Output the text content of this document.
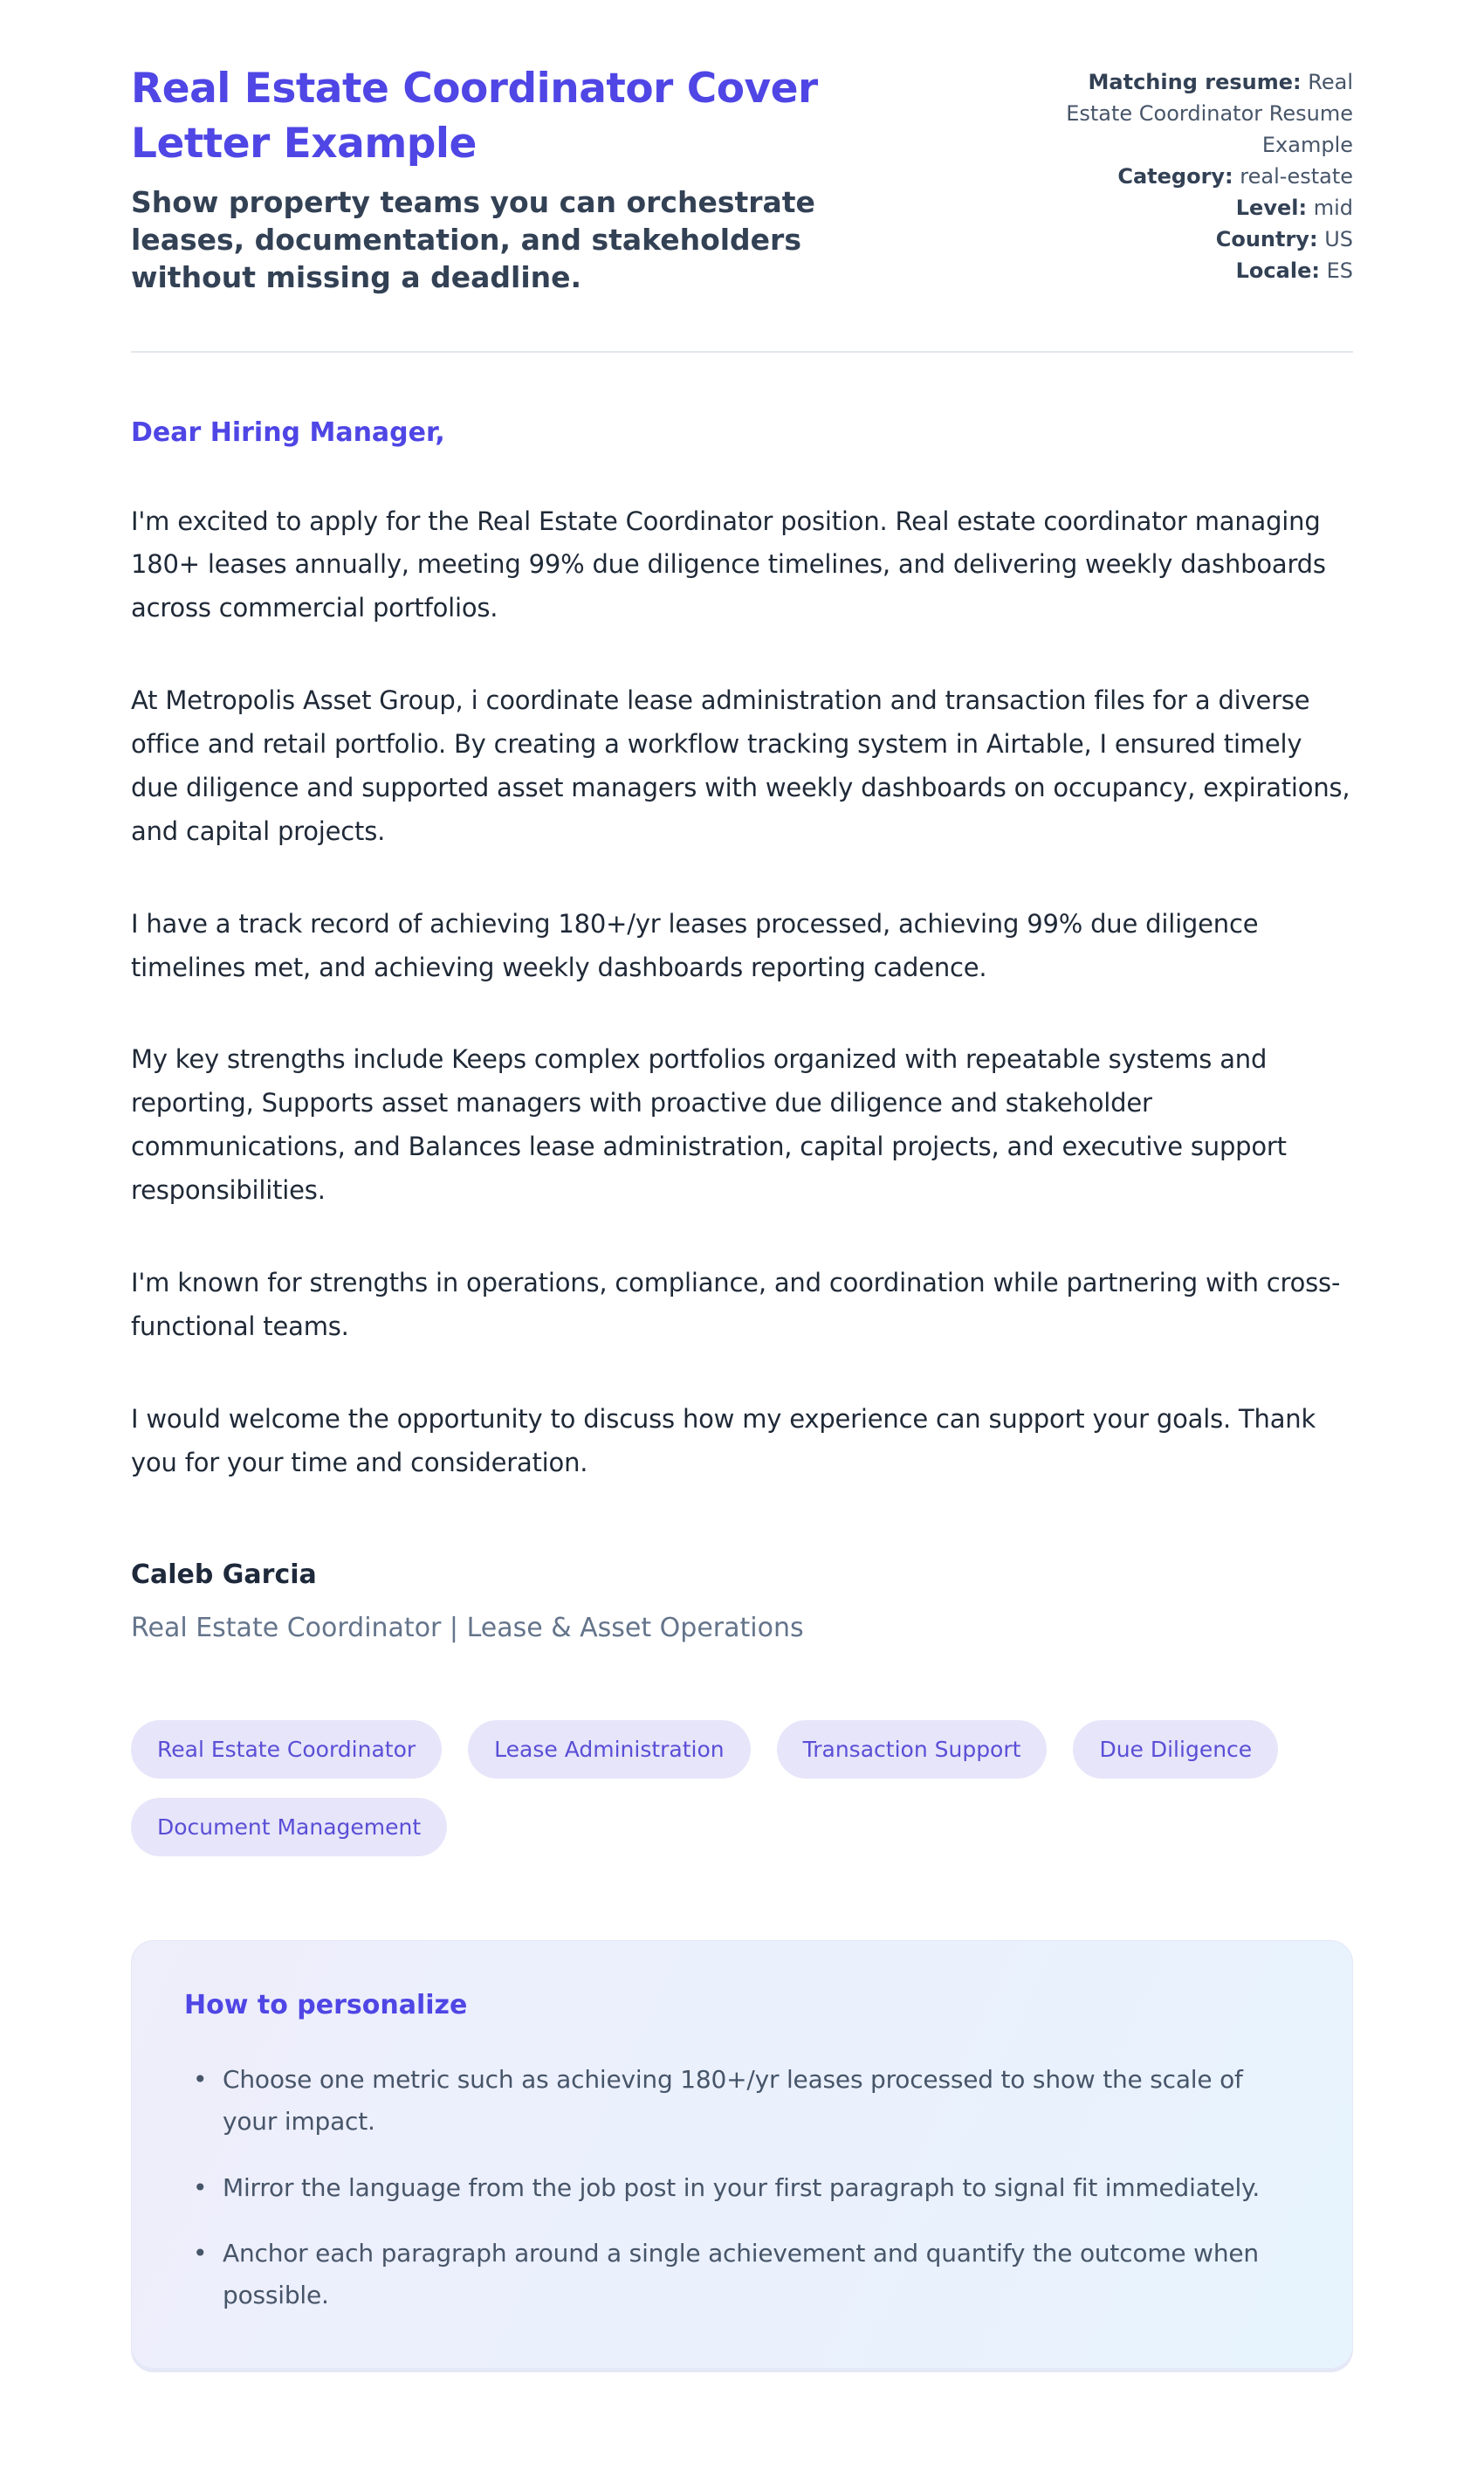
Real Estate Coordinator Cover Letter Example
Show property teams you can orchestrate leases, documentation, and stakeholders without missing a deadline.
Matching resume: Real Estate Coordinator Resume Example
Category: real-estate
Level: mid
Country: US
Locale: ES
Dear Hiring Manager,

I'm excited to apply for the Real Estate Coordinator position. Real estate coordinator managing 180+ leases annually, meeting 99% due diligence timelines, and delivering weekly dashboards across commercial portfolios.

At Metropolis Asset Group, i coordinate lease administration and transaction files for a diverse office and retail portfolio. By creating a workflow tracking system in Airtable, I ensured timely due diligence and supported asset managers with weekly dashboards on occupancy, expirations, and capital projects.

I have a track record of achieving 180+/yr leases processed, achieving 99% due diligence timelines met, and achieving weekly dashboards reporting cadence.

My key strengths include Keeps complex portfolios organized with repeatable systems and reporting, Supports asset managers with proactive due diligence and stakeholder communications, and Balances lease administration, capital projects, and executive support responsibilities.

I'm known for strengths in operations, compliance, and coordination while partnering with cross-functional teams.

I would welcome the opportunity to discuss how my experience can support your goals. Thank you for your time and consideration.

Caleb Garcia
Real Estate Coordinator | Lease & Asset Operations
Real Estate Coordinator	Lease Administration	Transaction Support	Due Diligence
Document Management
How to personalize
• Choose one metric such as achieving 180+/yr leases processed to show the scale of your impact.
• Mirror the language from the job post in your first paragraph to signal fit immediately.
• Anchor each paragraph around a single achievement and quantify the outcome when possible.
